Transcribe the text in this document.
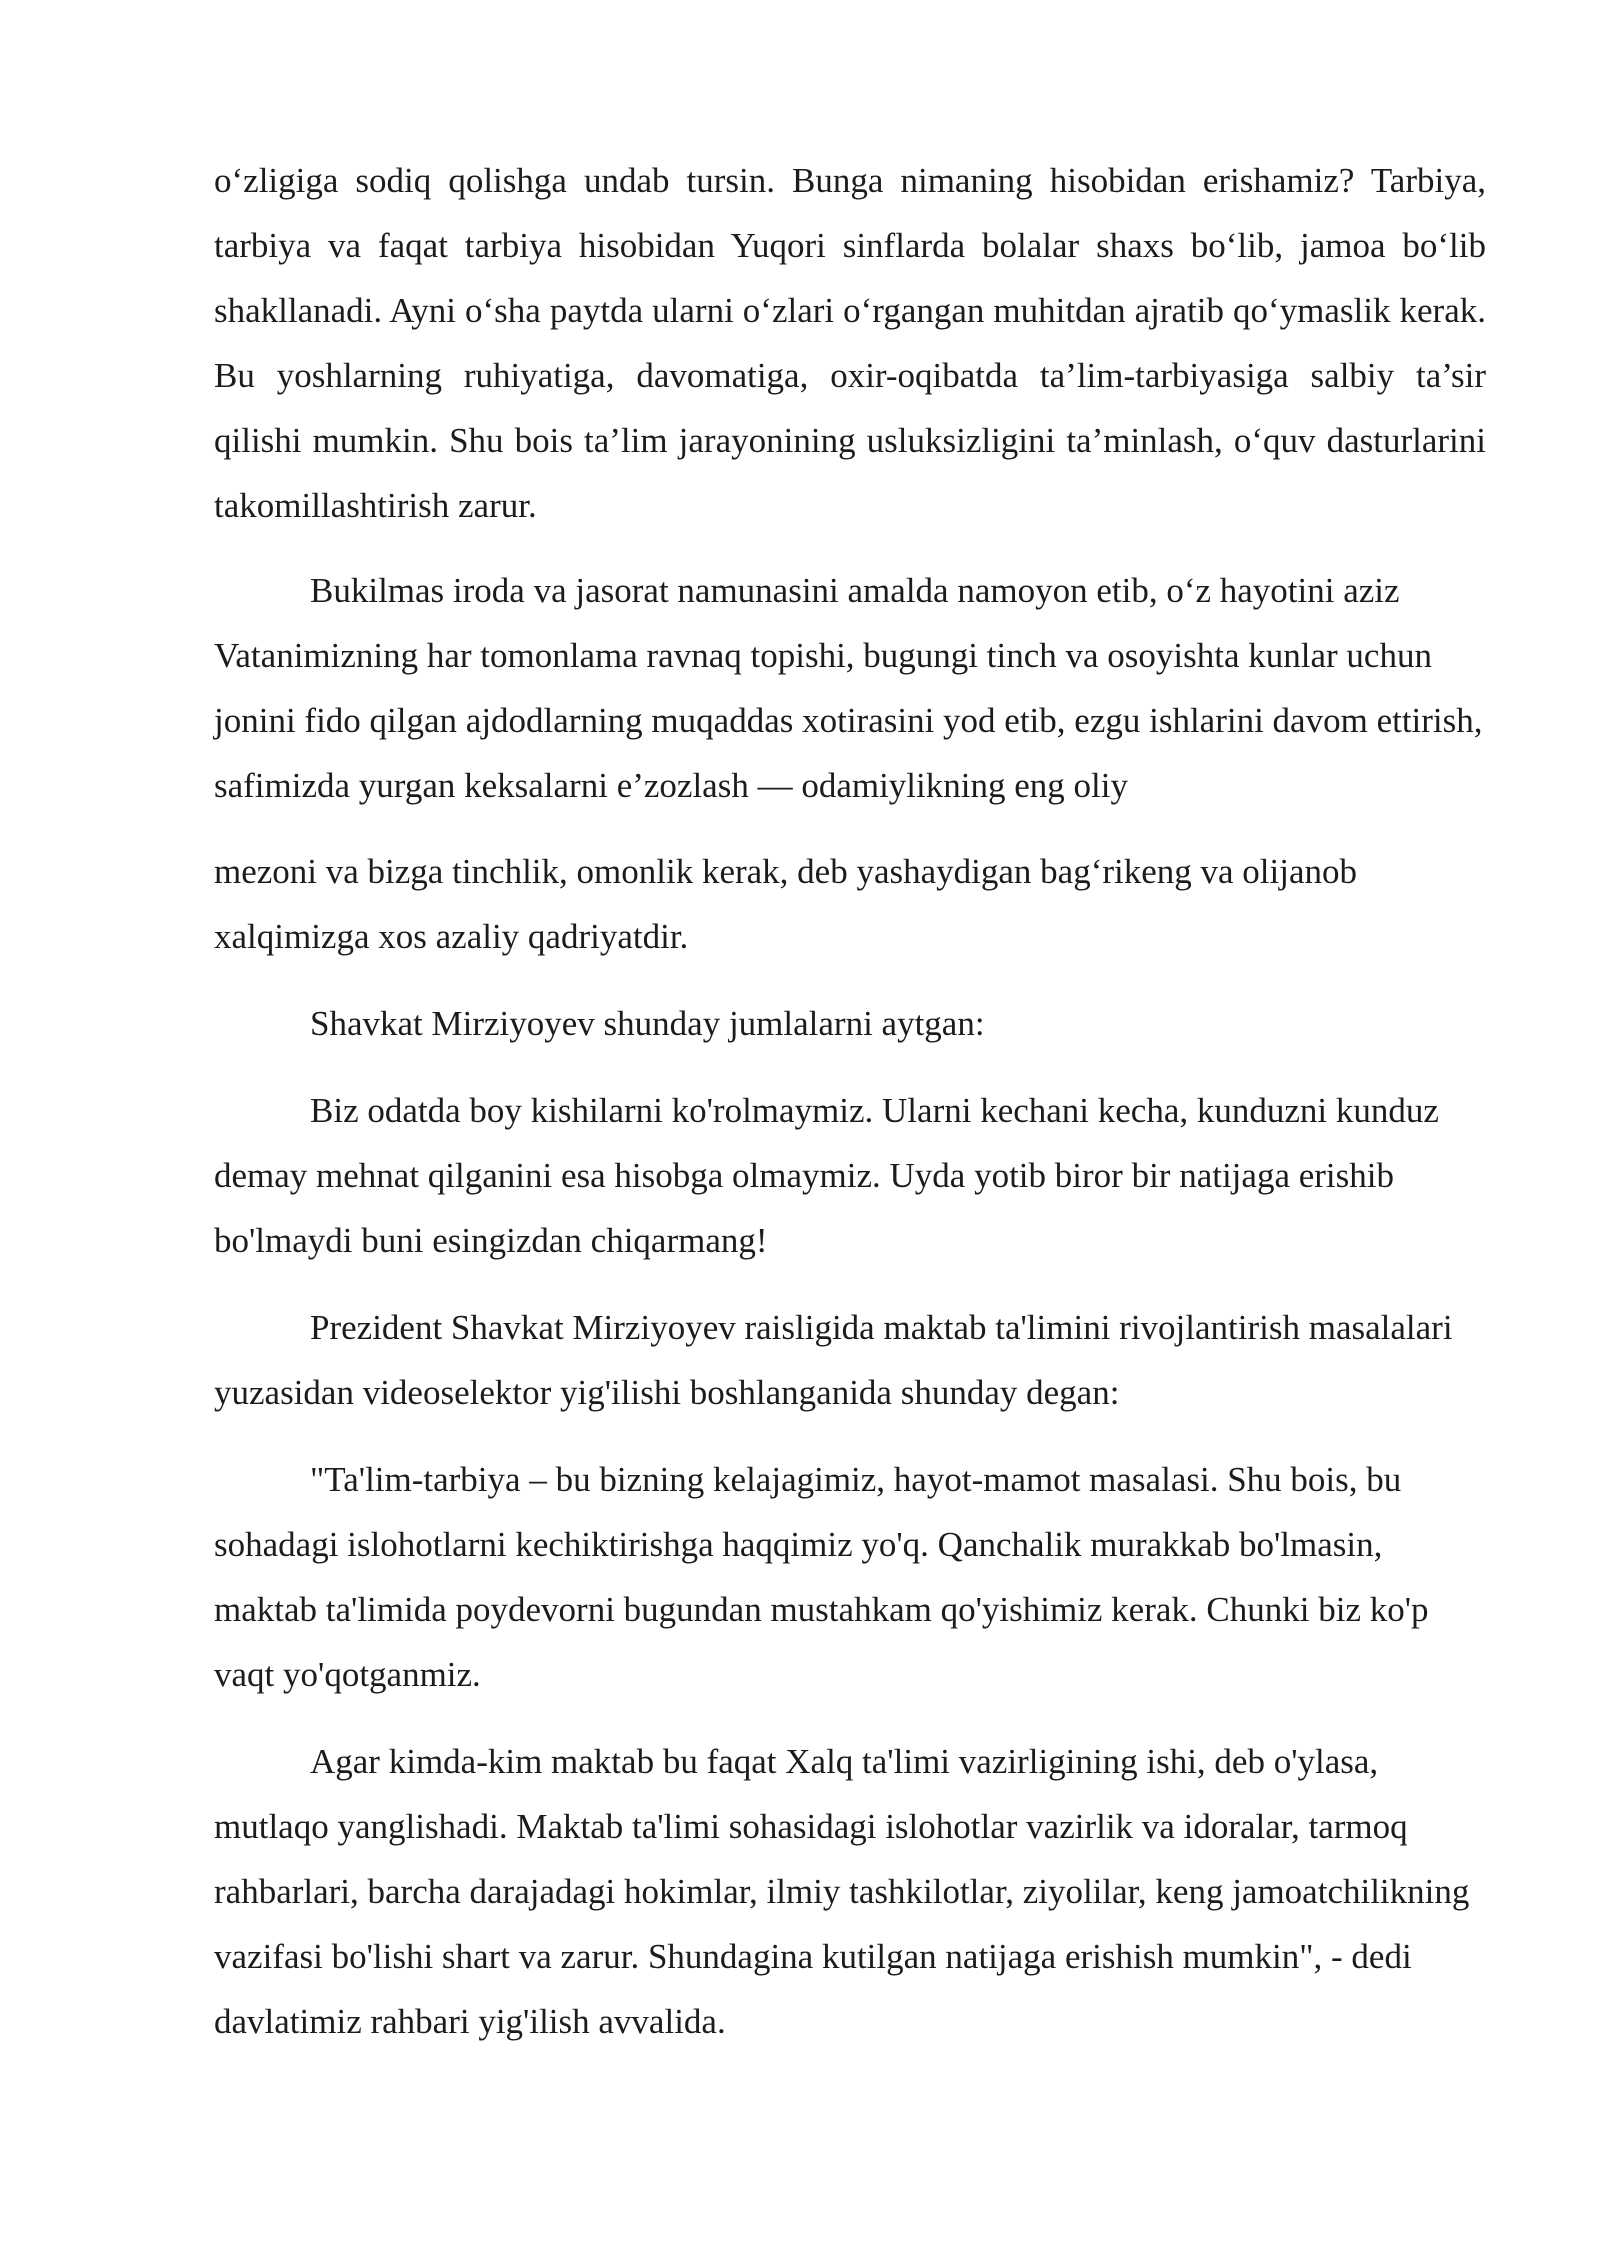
o‘zligiga sodiq qolishga undab tursin. Bunga nimaning hisobidan erishamiz? Tarbiya, tarbiya va faqat tarbiya hisobidan Yuqori sinflarda bolalar shaxs bo‘lib, jamoa bo‘lib shakllanadi. Ayni o‘sha paytda ularni o‘zlari o‘rgangan muhitdan ajratib qo‘ymaslik kerak. Bu yoshlarning ruhiyatiga, davomatiga, oxir-oqibatda ta’lim-tarbiyasiga salbiy ta’sir qilishi mumkin. Shu bois ta’lim jarayonining usluksizligini ta’minlash, o‘quv dasturlarini takomillashtirish zarur.

Bukilmas iroda va jasorat namunasini amalda namoyon etib, o‘z hayotini aziz Vatanimizning har tomonlama ravnaq topishi, bugungi tinch va osoyishta kunlar uchun jonini fido qilgan ajdodlarning muqaddas xotirasini yod etib, ezgu ishlarini davom ettirish, safimizda yurgan keksalarni e’zozlash — odamiylikning eng oliy
mezoni va bizga tinchlik, omonlik kerak, deb yashaydigan bag‘rikeng va olijanob xalqimizga xos azaliy qadriyatdir.

Shavkat Mirziyoyev shunday jumlalarni aytgan:

Biz odatda boy kishilarni ko'rolmaymiz. Ularni kechani kecha, kunduzni kunduz demay mehnat qilganini esa hisobga olmaymiz. Uyda yotib biror bir natijaga erishib bo'lmaydi buni esingizdan chiqarmang!

Prezident Shavkat Mirziyoyev raisligida maktab ta'limini rivojlantirish masalalari yuzasidan videoselektor yig'ilishi boshlanganida shunday degan:

"Ta'lim-tarbiya – bu bizning kelajagimiz, hayot-mamot masalasi. Shu bois, bu sohadagi islohotlarni kechiktirishga haqqimiz yo'q. Qanchalik murakkab bo'lmasin, maktab ta'limida poydevorni bugundan mustahkam qo'yishimiz kerak. Chunki biz ko'p vaqt yo'qotganmiz.

Agar kimda-kim maktab bu faqat Xalq ta'limi vazirligining ishi, deb o'ylasa, mutlaqo yanglishadi. Maktab ta'limi sohasidagi islohotlar vazirlik va idoralar, tarmoq rahbarlari, barcha darajadagi hokimlar, ilmiy tashkilotlar, ziyolilar, keng jamoatchilikning vazifasi bo'lishi shart va zarur. Shundagina kutilgan natijaga erishish mumkin", - dedi davlatimiz rahbari yig'ilish avvalida.
